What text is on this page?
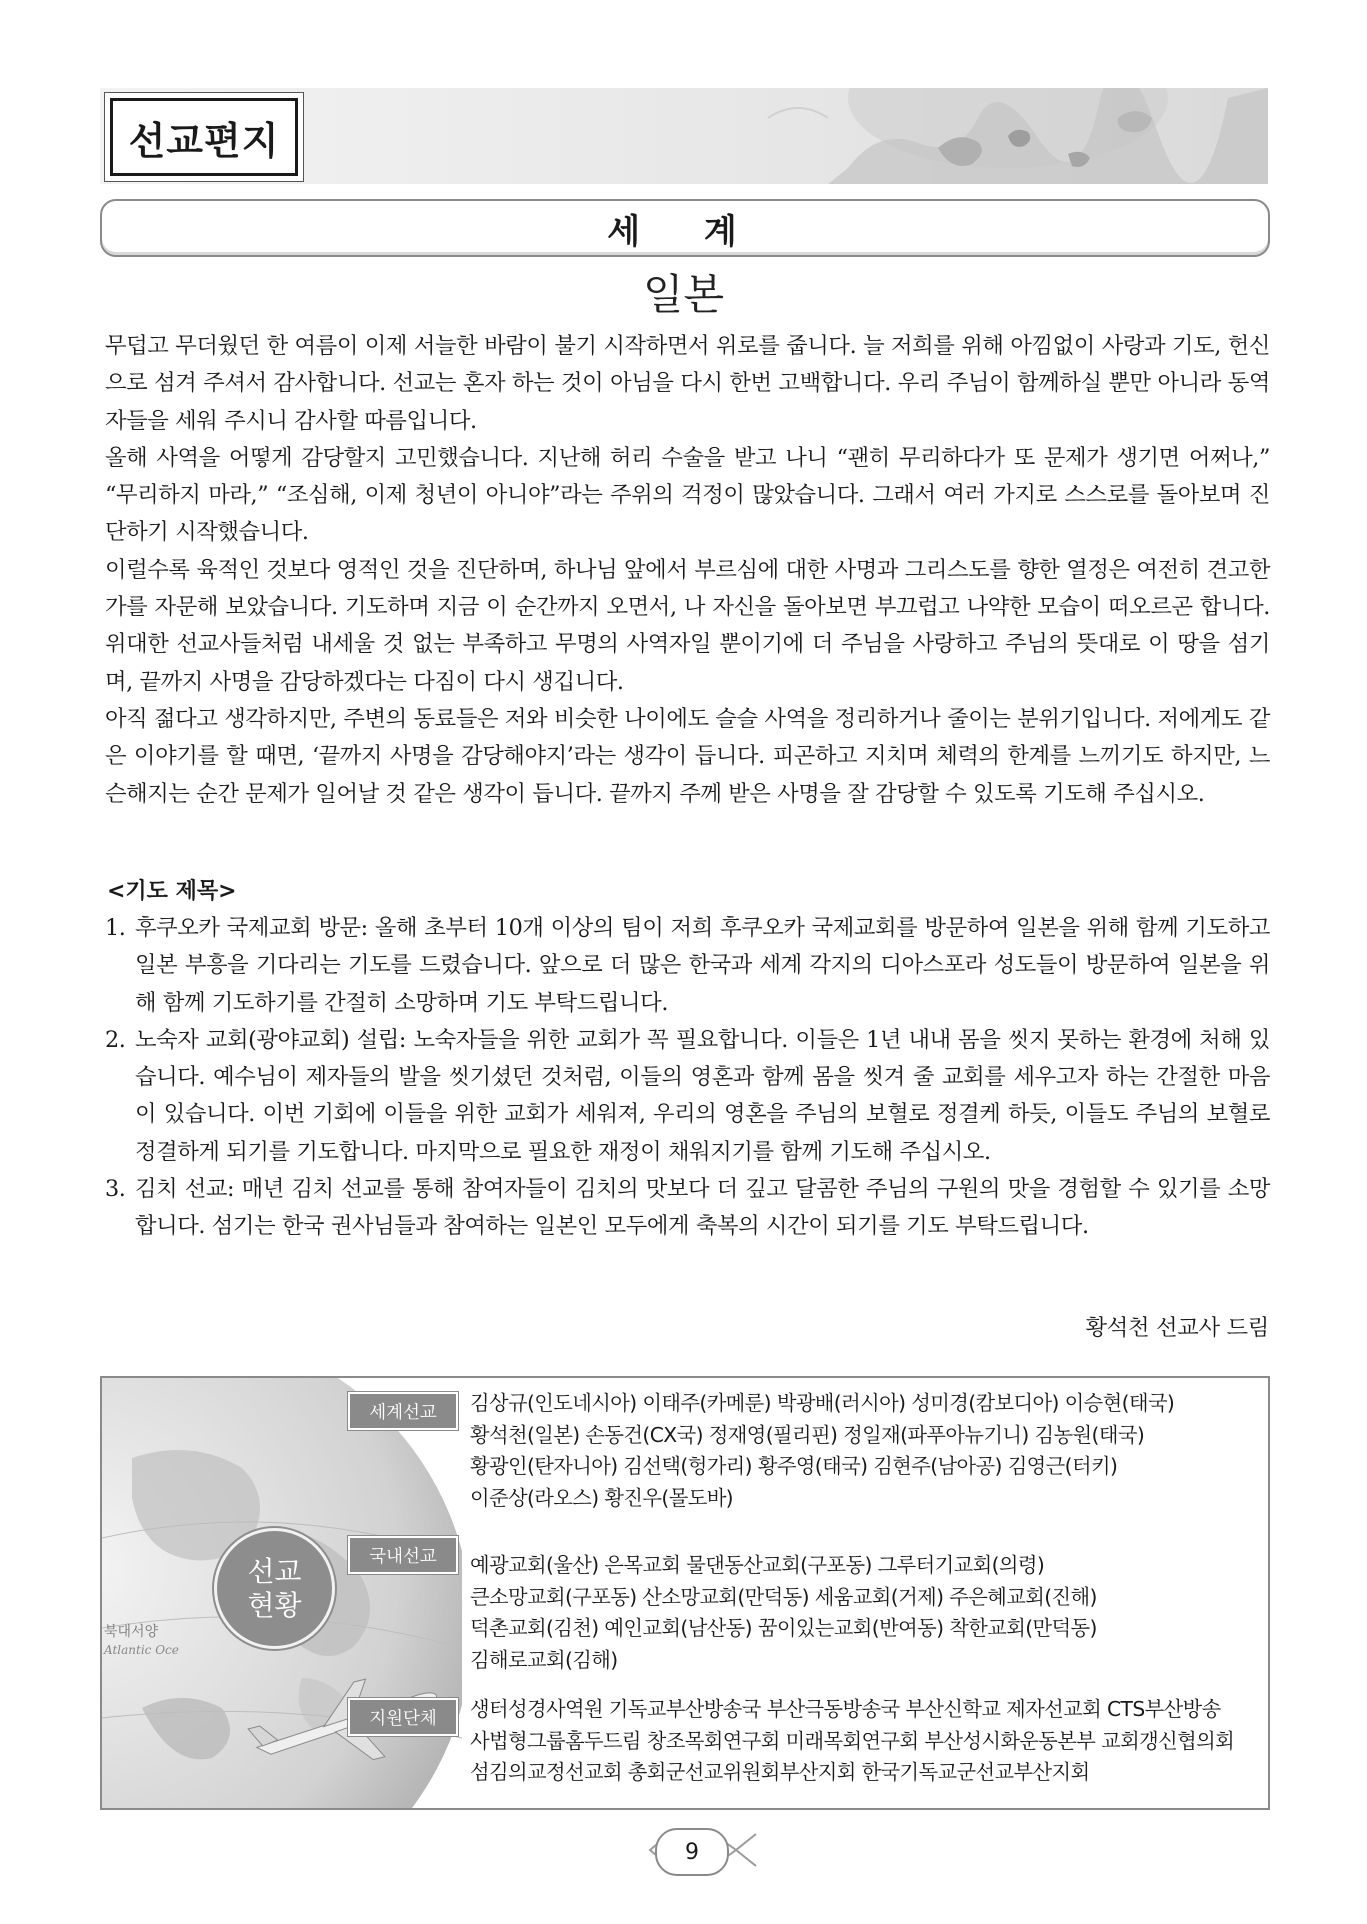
선교편지
세 계
일본

무덥고 무더웠던 한 여름이 이제 서늘한 바람이 불기 시작하면서 위로를 줍니다. 늘 저희를 위해 아낌없이 사랑과 기도, 헌신으로 섬겨 주셔서 감사합니다. 선교는 혼자 하는 것이 아님을 다시 한번 고백합니다. 우리 주님이 함께하실 뿐만 아니라 동역자들을 세워 주시니 감사할 따름입니다.

올해 사역을 어떻게 감당할지 고민했습니다. 지난해 허리 수술을 받고 나니 “괜히 무리하다가 또 문제가 생기면 어쩌나,” “무리하지 마라,” “조심해, 이제 청년이 아니야”라는 주위의 걱정이 많았습니다. 그래서 여러 가지로 스스로를 돌아보며 진단하기 시작했습니다.

이럴수록 육적인 것보다 영적인 것을 진단하며, 하나님 앞에서 부르심에 대한 사명과 그리스도를 향한 열정은 여전히 견고한가를 자문해 보았습니다. 기도하며 지금 이 순간까지 오면서, 나 자신을 돌아보면 부끄럽고 나약한 모습이 떠오르곤 합니다. 위대한 선교사들처럼 내세울 것 없는 부족하고 무명의 사역자일 뿐이기에 더 주님을 사랑하고 주님의 뜻대로 이 땅을 섬기며, 끝까지 사명을 감당하겠다는 다짐이 다시 생깁니다.

아직 젊다고 생각하지만, 주변의 동료들은 저와 비슷한 나이에도 슬슬 사역을 정리하거나 줄이는 분위기입니다. 저에게도 같은 이야기를 할 때면, ‘끝까지 사명을 감당해야지’라는 생각이 듭니다. 피곤하고 지치며 체력의 한계를 느끼기도 하지만, 느슨해지는 순간 문제가 일어날 것 같은 생각이 듭니다. 끝까지 주께 받은 사명을 잘 감당할 수 있도록 기도해 주십시오.

<기도 제목>
1. 후쿠오카 국제교회 방문: 올해 초부터 10개 이상의 팀이 저희 후쿠오카 국제교회를 방문하여 일본을 위해 함께 기도하고 일본 부흥을 기다리는 기도를 드렸습니다. 앞으로 더 많은 한국과 세계 각지의 디아스포라 성도들이 방문하여 일본을 위해 함께 기도하기를 간절히 소망하며 기도 부탁드립니다.
2. 노숙자 교회(광야교회) 설립: 노숙자들을 위한 교회가 꼭 필요합니다. 이들은 1년 내내 몸을 씻지 못하는 환경에 처해 있습니다. 예수님이 제자들의 발을 씻기셨던 것처럼, 이들의 영혼과 함께 몸을 씻겨 줄 교회를 세우고자 하는 간절한 마음이 있습니다. 이번 기회에 이들을 위한 교회가 세워져, 우리의 영혼을 주님의 보혈로 정결케 하듯, 이들도 주님의 보혈로 정결하게 되기를 기도합니다. 마지막으로 필요한 재정이 채워지기를 함께 기도해 주십시오.
3. 김치 선교: 매년 김치 선교를 통해 참여자들이 김치의 맛보다 더 깊고 달콤한 주님의 구원의 맛을 경험할 수 있기를 소망합니다. 섬기는 한국 권사님들과 참여하는 일본인 모두에게 축복의 시간이 되기를 기도 부탁드립니다.
황석천 선교사 드림
북대서양
Atlantic Oce
선교
현황
세계선교	김상규(인도네시아) 이태주(카메룬) 박광배(러시아) 성미경(캄보디아) 이승현(태국)
황석천(일본) 손동건(CX국) 정재영(필리핀) 정일재(파푸아뉴기니) 김농원(태국)
황광인(탄자니아) 김선택(헝가리) 황주영(태국) 김현주(남아공) 김영근(터키)
이준상(라오스) 황진우(몰도바)
국내선교	예광교회(울산) 은목교회 물댄동산교회(구포동) 그루터기교회(의령)
큰소망교회(구포동) 산소망교회(만덕동) 세움교회(거제) 주은혜교회(진해)
덕촌교회(김천) 예인교회(남산동) 꿈이있는교회(반여동) 착한교회(만덕동)
김해로교회(김해)
지원단체	생터성경사역원 기독교부산방송국 부산극동방송국 부산신학교 제자선교회 CTS부산방송
사법형그룹홈두드림 창조목회연구회 미래목회연구회 부산성시화운동본부 교회갱신협의회
섬김의교정선교회 총회군선교위원회부산지회 한국기독교군선교부산지회
9
